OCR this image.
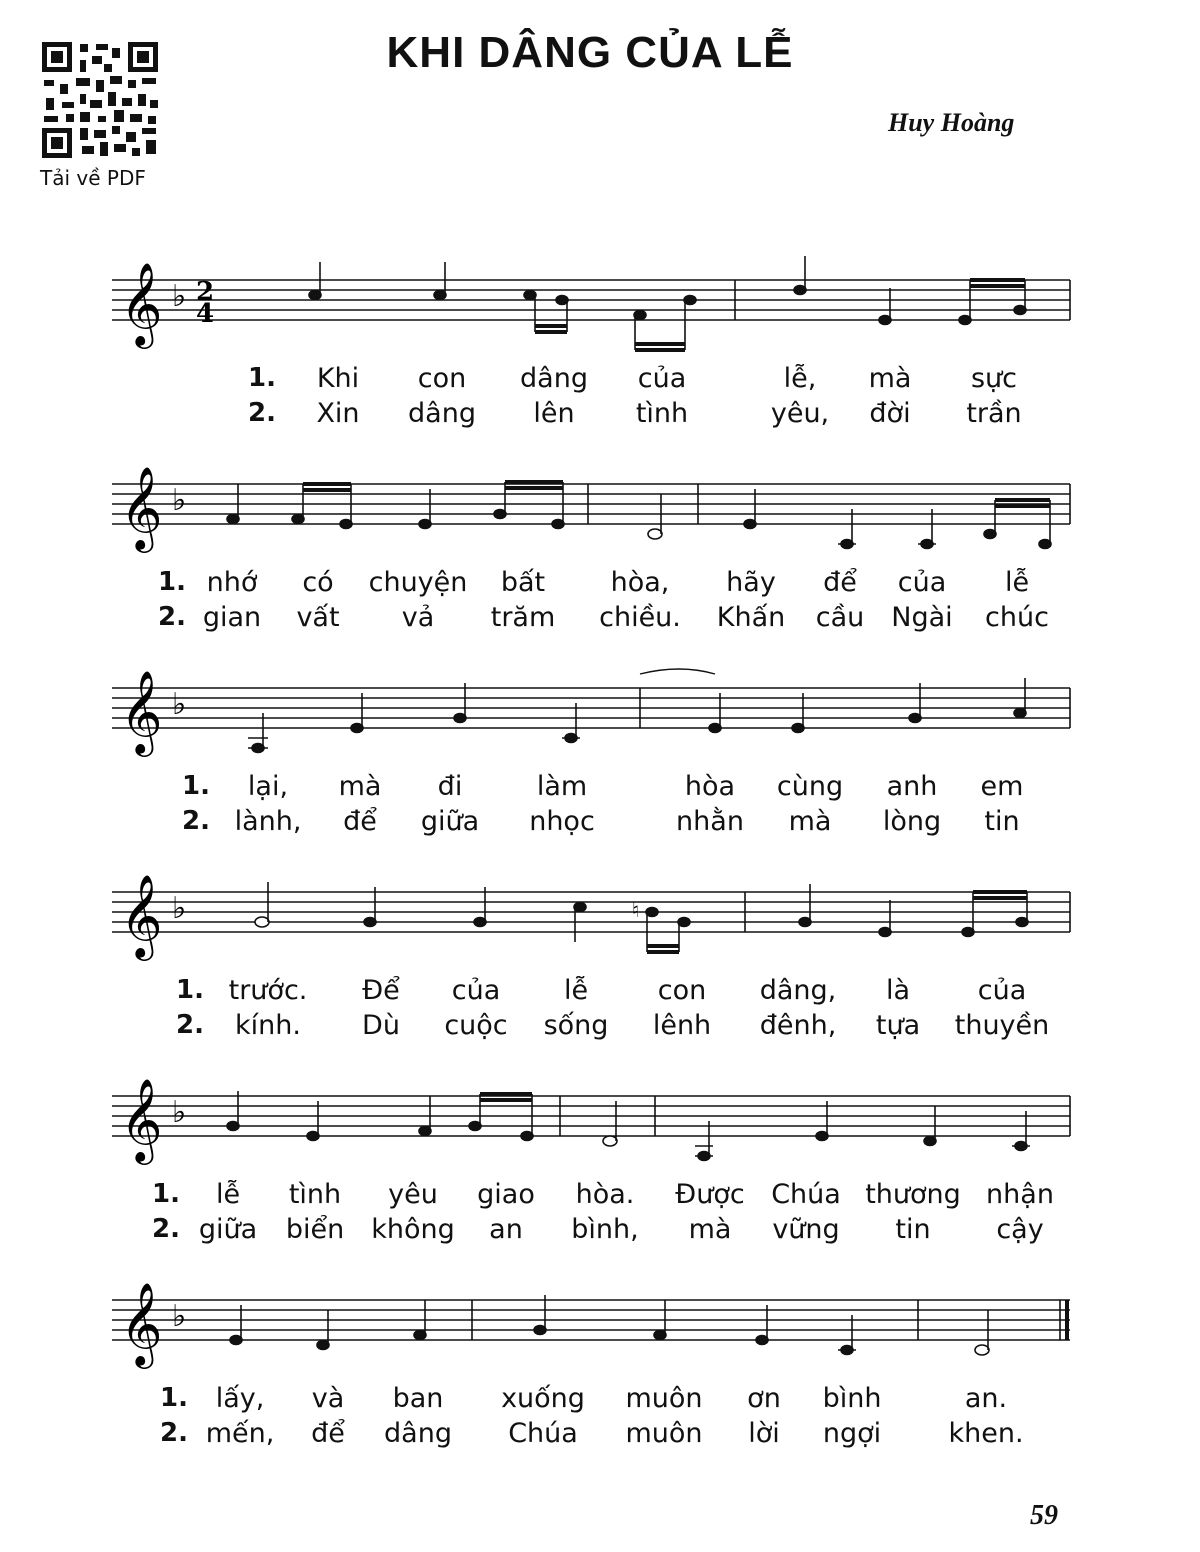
Tải về PDF
KHI DÂNG CỦA LỄ
Huy Hoàng
𝄞 ♭ 2
4
1. Khi con dâng của	lễ, mà sực
2. Xin dâng lên tình	yêu, đời trần
𝄞 ♭
1. nhớ có chuyện bất hòa, hãy để của lễ
2. gian vất vả trăm chiều. Khấn cầu Ngài chúc
𝄞 ♭
1. lại, mà đi	làm	hòa cùng anh em
2. lành, để giữa nhọc	nhằn mà lòng tin
𝄞 ♭	♮
1. trước. Để của lễ	con dâng, là	của
2. kính. Dù cuộc sống lênh đênh, tựa thuyền
𝄞 ♭
1. lễ tình yêu giao hòa. Được Chúa thương nhận
2. giữa biển không an bình, mà vững tin cậy
𝄞 ♭
1. lấy, và ban xuống muôn ơn bình	an.
2. mến, để dâng Chúa muôn lời ngợi khen.
59
